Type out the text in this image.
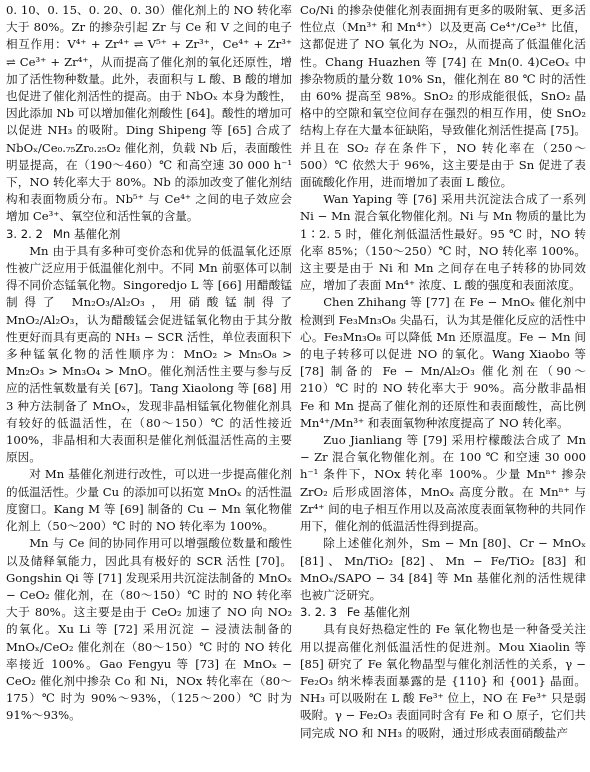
0. 10、0. 15、0. 20、0. 30）催化剂上的 NO 转化率大于 80%。Zr 的掺杂引起 Zr 与 Ce 和 V 之间的电子相互作用：V⁴⁺ + Zr⁴⁺ ⇌ V⁵⁺ + Zr³⁺，Ce⁴⁺ + Zr³⁺ ⇌ Ce³⁺ + Zr⁴⁺，从而提高了催化剂的氧化还原性，增加了活性物种数量。此外，表面积与 L 酸、B 酸的增加也促进了催化剂活性的提高。由于 NbOₓ 本身为酸性，因此添加 Nb 可以增加催化剂酸性 [64]。酸性的增加可以促进 NH₃ 的吸附。Ding Shipeng 等 [65] 合成了 NbOₓ/Ce₀.₇₅Zr₀.₂₅O₂ 催化剂，负载 Nb 后，表面酸性明显提高，在（190～460）℃ 和高空速 30 000 h⁻¹ 下，NO 转化率大于 80%。Nb 的添加改变了催化剂结构和表面物质分布。Nb⁵⁺ 与 Ce⁴⁺ 之间的电子效应会增加 Ce³⁺、氧空位和活性氧的含量。

3. 2. 2 Mn 基催化剂

Mn 由于具有多种可变价态和优异的低温氧化还原性被广泛应用于低温催化剂中。不同 Mn 前驱体可以制得不同价态锰氧化物。Singoredjo L 等 [66] 用醋酸锰制得了 Mn₂O₃/Al₂O₃，用硝酸锰制得了 MnO₂/Al₂O₃，认为醋酸锰会促进锰氧化物由于其分散性更好而具有更高的 NH₃ − SCR 活性，单位表面积下多种锰氧化物的活性顺序为：MnO₂ > Mn₅O₈ > Mn₂O₃ > Mn₃O₄ > MnO。催化剂活性主要与参与反应的活性氧数量有关 [67]。Tang Xiaolong 等 [68] 用 3 种方法制备了 MnOₓ，发现非晶相锰氧化物催化剂具有较好的低温活性，在（80～150）℃ 的活性接近 100%，非晶相和大表面积是催化剂低温活性高的主要原因。

对 Mn 基催化剂进行改性，可以进一步提高催化剂的低温活性。少量 Cu 的添加可以拓宽 MnOₓ 的活性温度窗口。Kang M 等 [69] 制备的 Cu − Mn 氧化物催化剂上（50～200）℃ 时的 NO 转化率为 100%。

Mn 与 Ce 间的协同作用可以增强酸位数量和酸性以及储释氧能力，因此具有极好的 SCR 活性 [70]。Gongshin Qi 等 [71] 发现采用共沉淀法制备的 MnOₓ − CeO₂ 催化剂，在（80～150）℃ 时的 NO 转化率大于 80%。这主要是由于 CeO₂ 加速了 NO 向 NO₂ 的氧化。Xu Li 等 [72] 采用沉淀 − 浸渍法制备的 MnOₓ/CeO₂ 催化剂在（80～150）℃ 时的 NO 转化率接近 100%。Gao Fengyu 等 [73] 在 MnOₓ − CeO₂ 催化剂中掺杂 Co 和 Ni，NOx 转化率在（80～175）℃ 时为 90%～93%，（125～200）℃ 时为 91%～93%。

Co/Ni 的掺杂使催化剂表面拥有更多的吸附氧、更多活性位点（Mn³⁺ 和 Mn⁴⁺）以及更高 Ce⁴⁺/Ce³⁺ 比值，这都促进了 NO 氧化为 NO₂，从而提高了低温催化活性。Chang Huazhen 等 [74] 在 Mn(0. 4)CeOₓ 中掺杂物质的量分数 10% Sn，催化剂在 80 ℃ 时的活性由 60% 提高至 98%。SnO₂ 的形成能很低，SnO₂ 晶格中的空隙和氧空位间存在强烈的相互作用，使 SnO₂ 结构上存在大量本征缺陷，导致催化剂活性提高 [75]。并且在 SO₂ 存在条件下，NO 转化率在（250～500）℃ 依然大于 96%，这主要是由于 Sn 促进了表面硫酸化作用，进而增加了表面 L 酸位。

Wan Yaping 等 [76] 采用共沉淀法合成了一系列 Ni − Mn 混合氧化物催化剂。Ni 与 Mn 物质的量比为 1∶2. 5 时，催化剂低温活性最好。95 ℃ 时，NO 转化率 85%；（150～250）℃ 时，NO 转化率 100%。这主要是由于 Ni 和 Mn 之间存在电子转移的协同效应，增加了表面 Mn⁴⁺ 浓度、L 酸的强度和表面浓度。

Chen Zhihang 等 [77] 在 Fe − MnOₓ 催化剂中检测到 Fe₃Mn₃O₈ 尖晶石，认为其是催化反应的活性中心。Fe₃Mn₃O₈ 可以降低 Mn 还原温度。Fe − Mn 间的电子转移可以促进 NO 的氧化。Wang Xiaobo 等 [78] 制备的 Fe − Mn/Al₂O₃ 催化剂在（90～210）℃ 时的 NO 转化率大于 90%。高分散非晶相 Fe 和 Mn 提高了催化剂的还原性和表面酸性，高比例 Mn⁴⁺/Mn³⁺ 和表面氧物种浓度提高了 NO 转化率。

Zuo Jianliang 等 [79] 采用柠檬酸法合成了 Mn − Zr 混合氧化物催化剂。在 100 ℃ 和空速 30 000 h⁻¹ 条件下，NOx 转化率 100%。少量 Mnⁿ⁺ 掺杂 ZrO₂ 后形成固溶体，MnOₓ 高度分散。在 Mnⁿ⁺ 与 Zr⁴⁺ 间的电子相互作用以及高浓度表面氧物种的共同作用下，催化剂的低温活性得到提高。

除上述催化剂外，Sm − Mn [80]、Cr − MnOₓ [81]、Mn/TiO₂ [82]、Mn − Fe/TiO₂ [83] 和 MnOₓ/SAPO − 34 [84] 等 Mn 基催化剂的活性规律也被广泛研究。

3. 2. 3 Fe 基催化剂

具有良好热稳定性的 Fe 氧化物也是一种备受关注用以提高催化剂低温活性的促进剂。Mou Xiaolin 等 [85] 研究了 Fe 氧化物晶型与催化剂活性的关系，γ − Fe₂O₃ 纳米棒表面暴露的是 {110} 和 {001} 晶面。NH₃ 可以吸附在 L 酸 Fe³⁺ 位上，NO 在 Fe³⁺ 只是弱吸附。γ − Fe₂O₃ 表面同时含有 Fe 和 O 原子，它们共同完成 NO 和 NH₃ 的吸附，通过形成表面硝酸盐产
